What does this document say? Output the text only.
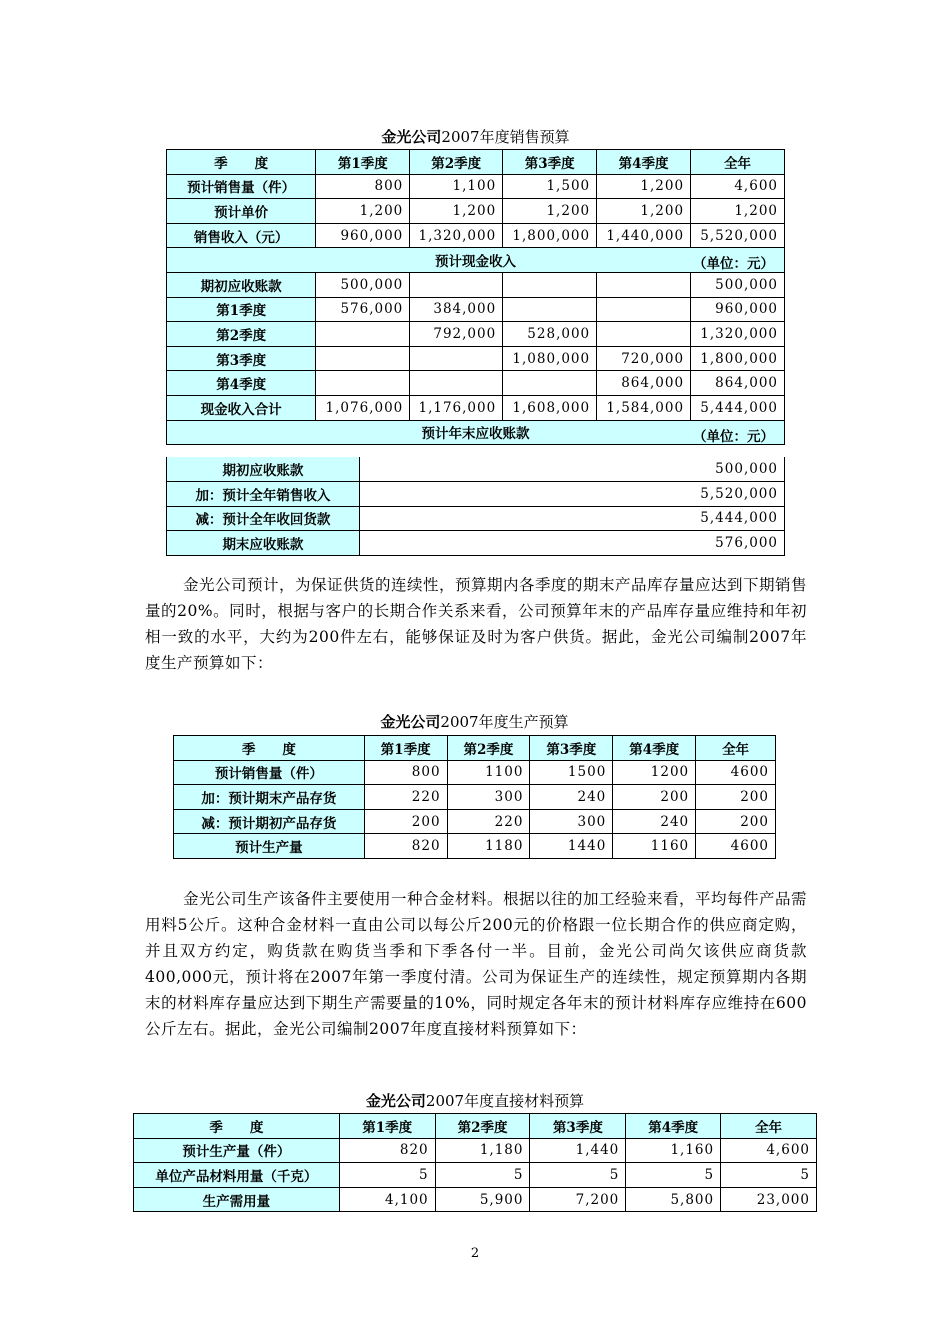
金光公司2007年度销售预算
季　　度	第1季度	第2季度	第3季度	第4季度	全年
预计销售量（件）	800	1,100	1,500	1,200	4,600
预计单价	1,200	1,200	1,200	1,200	1,200
销售收入（元）	960,000	1,320,000	1,800,000	1,440,000	5,520,000
预计现金收入 （单位：元）					

期初应收账款	500,000				500,000
第1季度	576,000	384,000			960,000
第2季度		792,000	528,000		1,320,000
第3季度			1,080,000	720,000	1,800,000
第4季度				864,000	864,000
现金收入合计	1,076,000	1,176,000	1,608,000	1,584,000	5,444,000
预计年末应收账款 （单位：元）					
期初应收账款	500,000
加：预计全年销售收入	5,520,000
减：预计全年收回货款	5,444,000
期末应收账款	576,000

金光公司预计，为保证供货的连续性，预算期内各季度的期末产品库存量应达到下期销售量的20%。同时，根据与客户的长期合作关系来看，公司预算年末的产品库存量应维持和年初相一致的水平，大约为200件左右，能够保证及时为客户供货。据此，金光公司编制2007年度生产预算如下：

金光公司2007年度生产预算
季　　度	第1季度	第2季度	第3季度	第4季度	全年
预计销售量（件）	800	1100	1500	1200	4600
加：预计期末产品存货	220	300	240	200	200
减：预计期初产品存货	200	220	300	240	200
预计生产量	820	1180	1440	1160	4600

金光公司生产该备件主要使用一种合金材料。根据以往的加工经验来看，平均每件产品需用料5公斤。这种合金材料一直由公司以每公斤200元的价格跟一位长期合作的供应商定购，并且双方约定，购货款在购货当季和下季各付一半。目前，金光公司尚欠该供应商货款400,000元，预计将在2007年第一季度付清。公司为保证生产的连续性，规定预算期内各期末的材料库存量应达到下期生产需要量的10%，同时规定各年末的预计材料库存应维持在600公斤左右。据此，金光公司编制2007年度直接材料预算如下：

金光公司2007年度直接材料预算
季　　度	第1季度	第2季度	第3季度	第4季度	全年
预计生产量（件）	820	1,180	1,440	1,160	4,600
单位产品材料用量（千克）	5	5	5	5	5
生产需用量	4,100	5,900	7,200	5,800	23,000
2
